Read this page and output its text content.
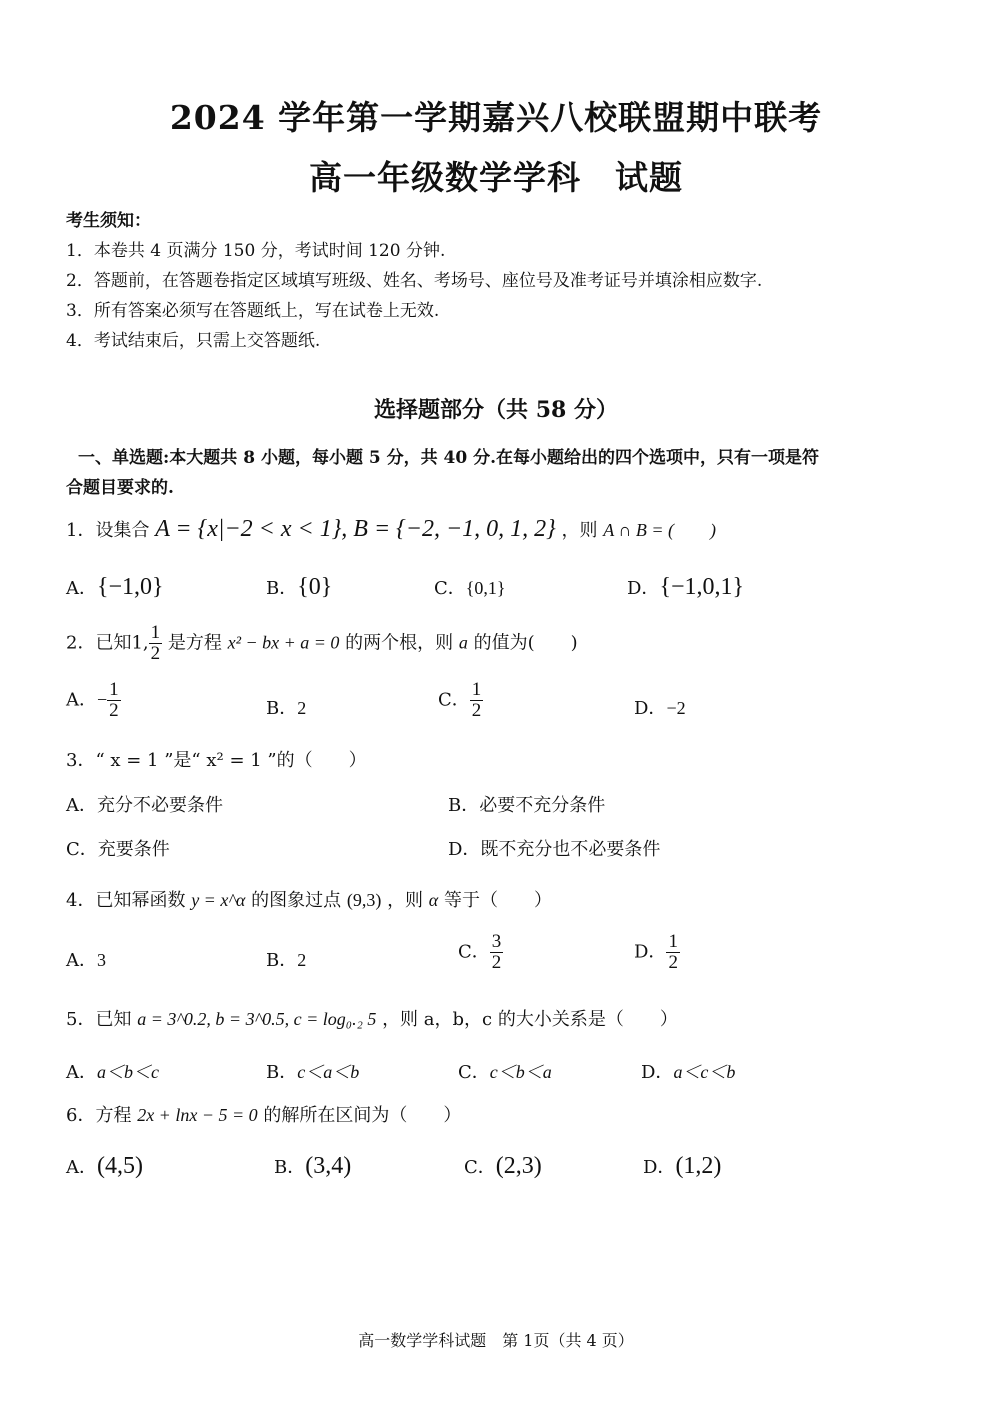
2024 学年第一学期嘉兴八校联盟期中联考
高一年级数学学科　试题
考生须知：
1．本卷共 4 页满分 150 分，考试时间 120 分钟.
2．答题前，在答题卷指定区域填写班级、姓名、考场号、座位号及准考证号并填涂相应数字.
3．所有答案必须写在答题纸上，写在试卷上无效.
4．考试结束后，只需上交答题纸.
选择题部分（共 58 分）
一、单选题:本大题共 8 小题，每小题 5 分，共 40 分.在每小题给出的四个选项中，只有一项是符
合题目要求的.
1．设集合 A = {x|−2 < x < 1}, B = {−2, −1, 0, 1, 2} ，则 A ∩ B = (　　)
A．{−1,0}	B．{0}	C．{0,1}	D．{−1,0,1}
2．已知1, $\frac{1}{2}$ 是方程 x² − bx + a = 0 的两个根，则 a 的值为(　　)
A．− $\frac{1}{2}$	B．2	C． $\frac{1}{2}$	D．−2
3．“ x = 1 ”是“ x² = 1 ”的（　　）
A．充分不必要条件	B．必要不充分条件
C．充要条件	D．既不充分也不必要条件
4．已知幂函数 y = x^α 的图象过点 (9,3) ，则 α 等于（　　）
A．3	B．2	C． $\frac{3}{2}$	D． $\frac{1}{2}$
5．已知 a = 3^0.2, b = 3^0.5, c = log₀.₂ 5 ，则 a，b，c 的大小关系是（　　）
A．a＜b＜c	B．c＜a＜b	C．c＜b＜a	D．a＜c＜b
6．方程 2x + lnx − 5 = 0 的解所在区间为（　　）
A．(4,5)	B．(3,4)	C．(2,3)	D．(1,2)
高一数学学科试题　第 1页（共 4 页）
